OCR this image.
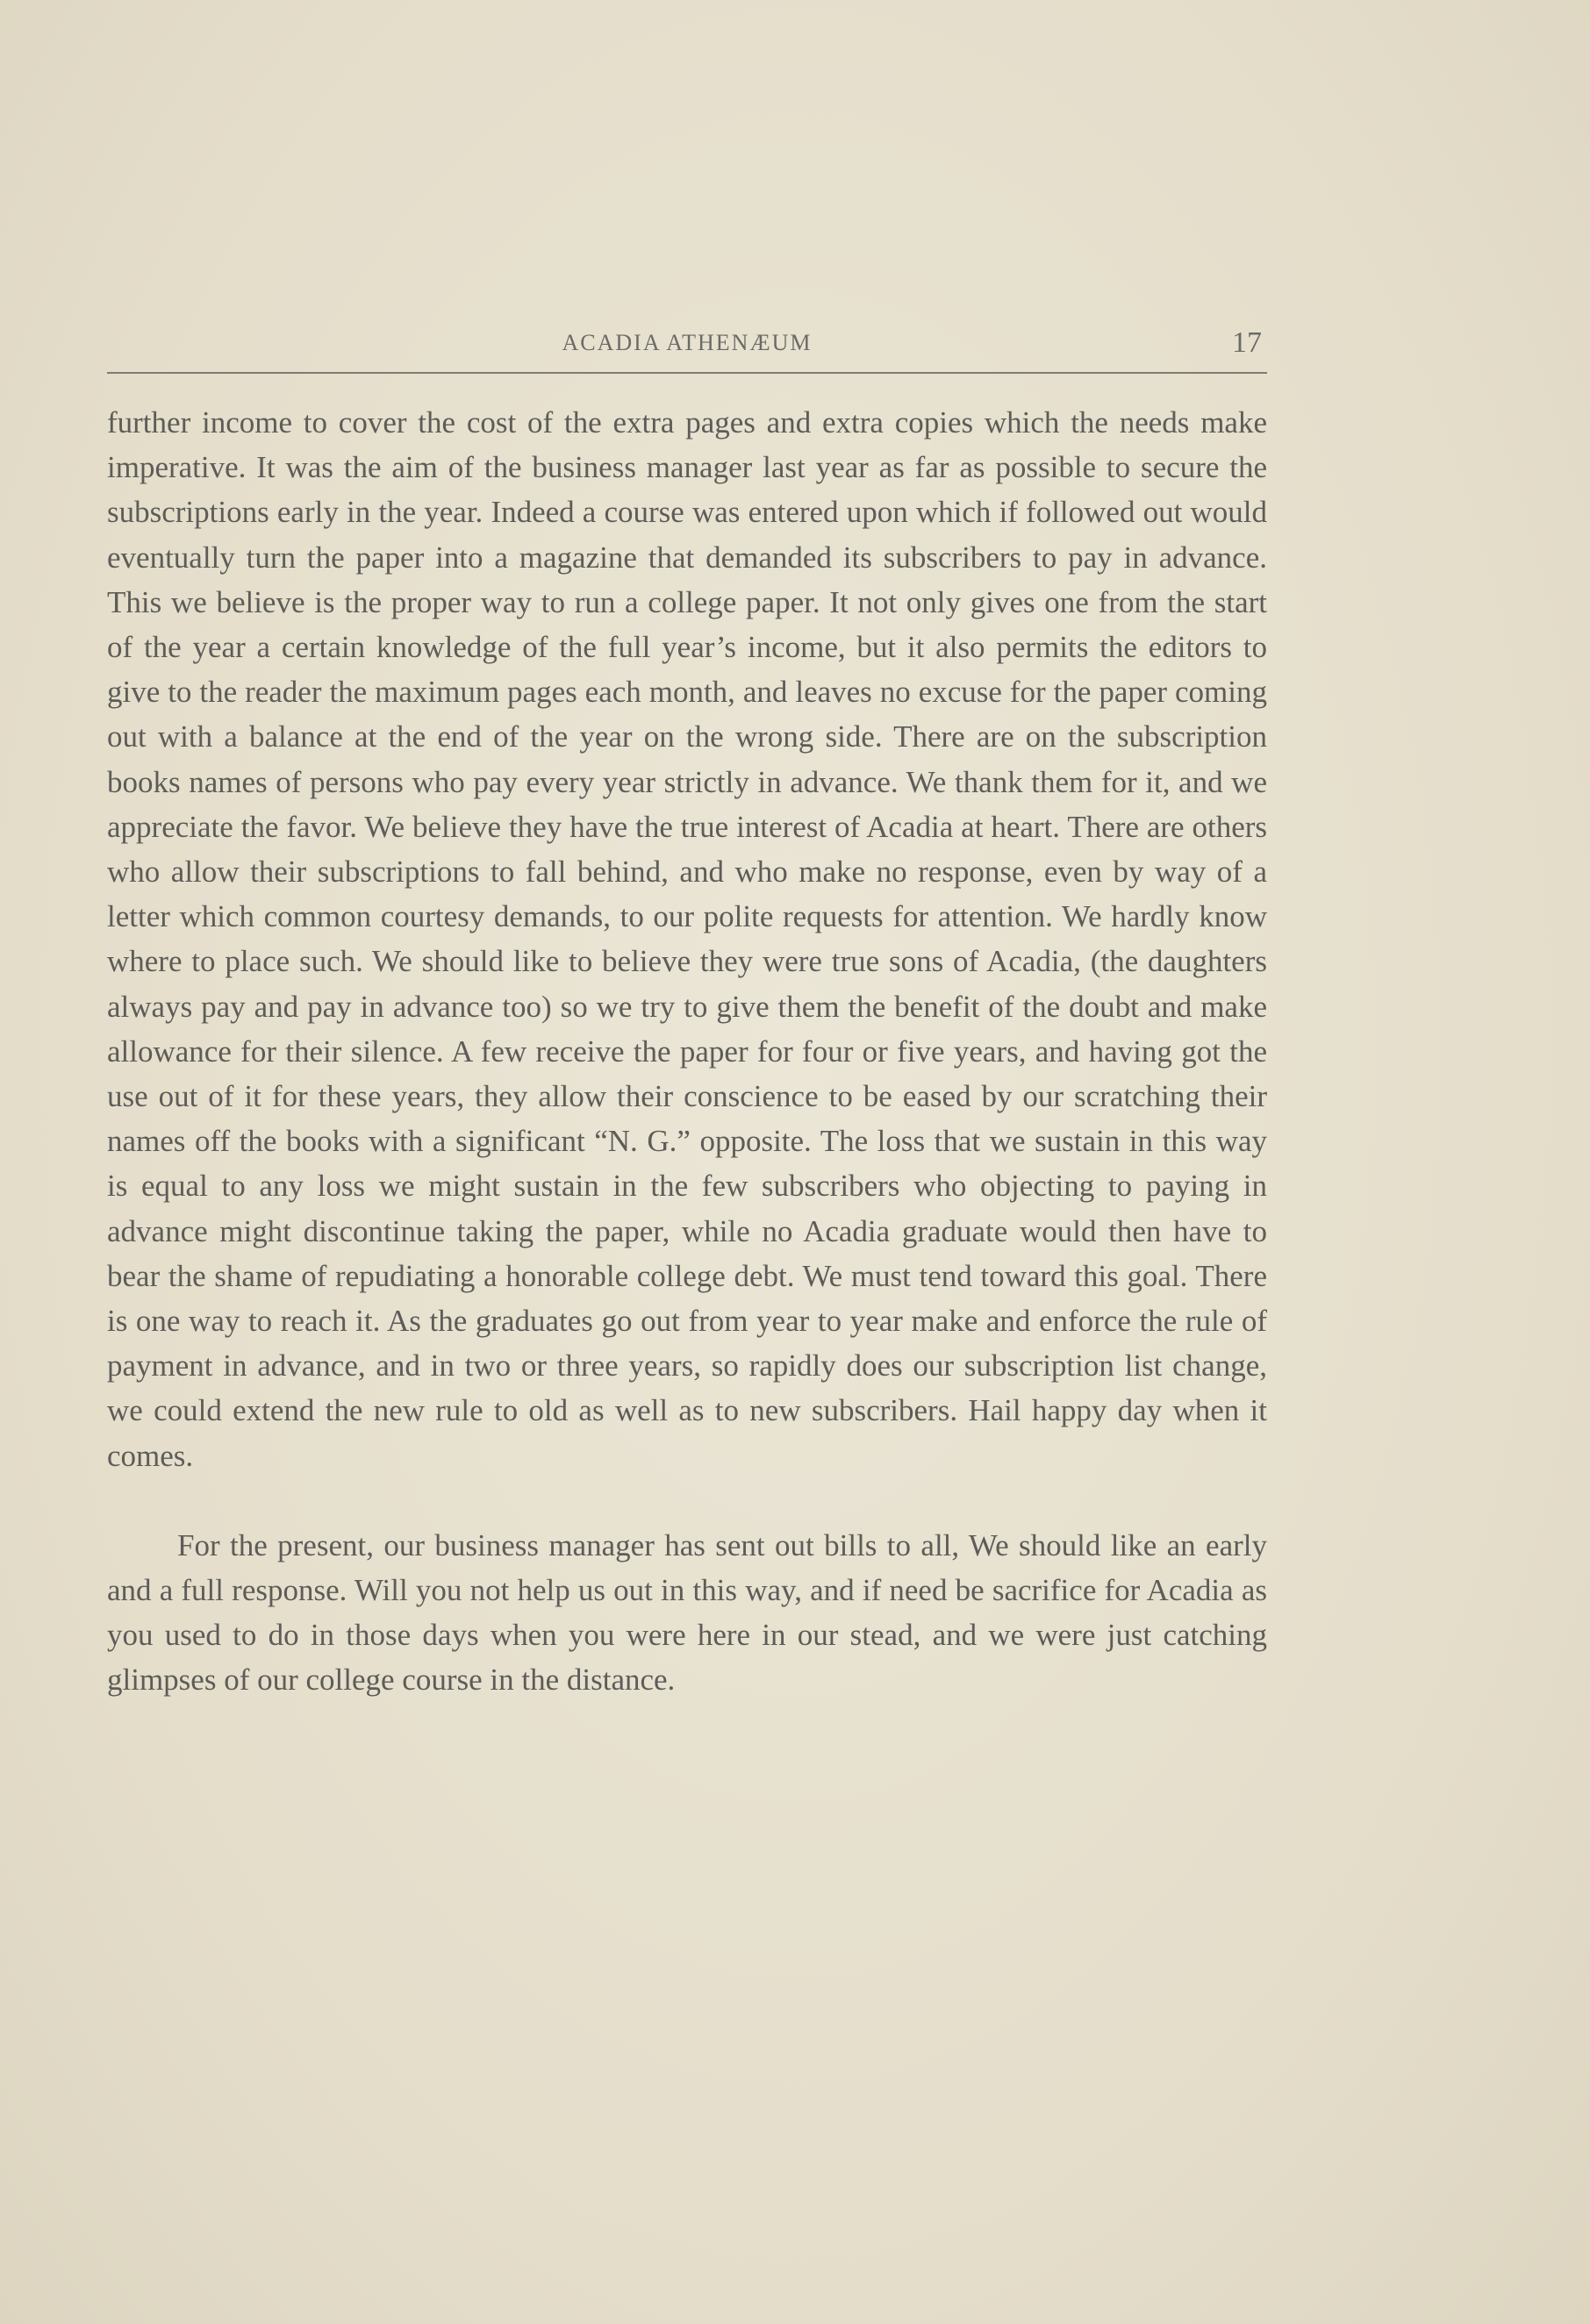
ACADIA ATHENÆUM	17

further income to cover the cost of the extra pages and extra copies which the needs make imperative. It was the aim of the business manager last year as far as possible to secure the subscriptions early in the year. Indeed a course was entered upon which if followed out would eventually turn the paper into a magazine that demanded its subscribers to pay in advance. This we believe is the proper way to run a college paper. It not only gives one from the start of the year a certain knowledge of the full year’s income, but it also permits the editors to give to the reader the maximum pages each month, and leaves no excuse for the paper coming out with a balance at the end of the year on the wrong side. There are on the subscription books names of persons who pay every year strictly in advance. We thank them for it, and we appreciate the favor. We believe they have the true interest of Acadia at heart. There are others who allow their subscriptions to fall behind, and who make no response, even by way of a letter which common courtesy demands, to our polite requests for attention. We hardly know where to place such. We should like to believe they were true sons of Acadia, (the daughters always pay and pay in advance too) so we try to give them the benefit of the doubt and make allowance for their silence. A few receive the paper for four or five years, and having got the use out of it for these years, they allow their conscience to be eased by our scratching their names off the books with a significant “N. G.” opposite. The loss that we sustain in this way is equal to any loss we might sustain in the few subscribers who objecting to paying in advance might discontinue taking the paper, while no Acadia graduate would then have to bear the shame of repudiating a honorable college debt. We must tend toward this goal. There is one way to reach it. As the graduates go out from year to year make and enforce the rule of payment in advance, and in two or three years, so rapidly does our subscription list change, we could extend the new rule to old as well as to new subscribers. Hail happy day when it comes.

For the present, our business manager has sent out bills to all, We should like an early and a full response. Will you not help us out in this way, and if need be sacrifice for Acadia as you used to do in those days when you were here in our stead, and we were just catching glimpses of our college course in the distance.
